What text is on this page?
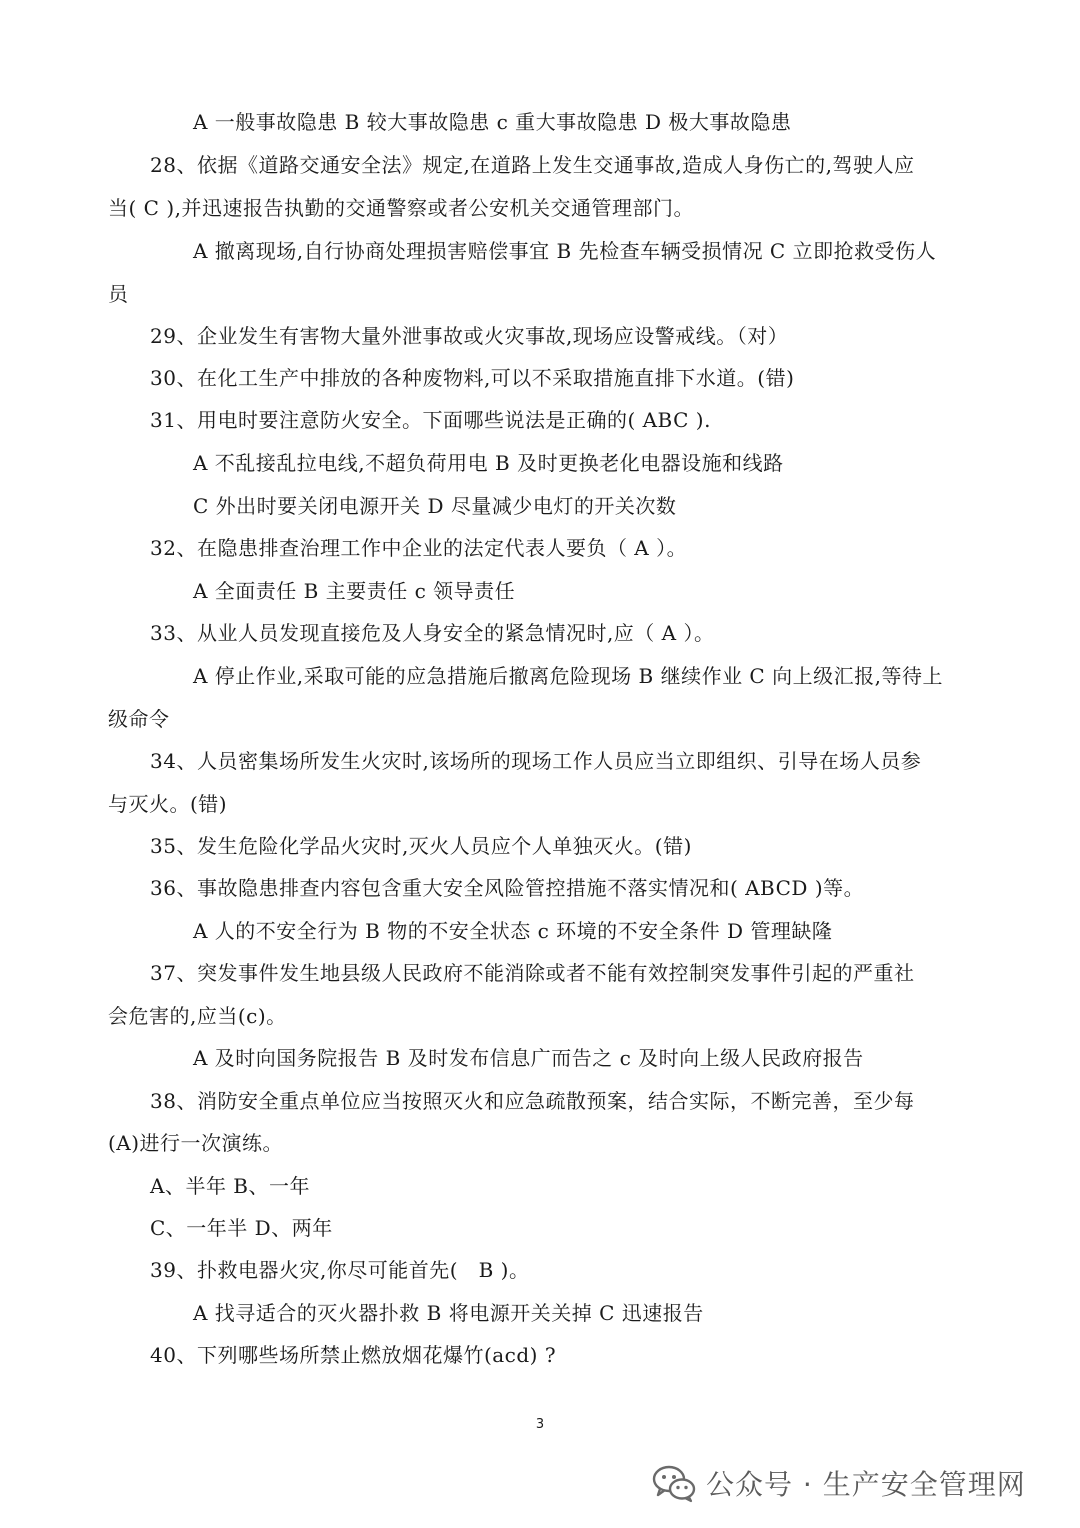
A 一般事故隐患 B 较大事故隐患 c 重大事故隐患 D 极大事故隐患
28、依据《道路交通安全法》规定,在道路上发生交通事故,造成人身伤亡的,驾驶人应
当( C ),并迅速报告执勤的交通警察或者公安机关交通管理部门。
A 撤离现场,自行协商处理损害赔偿事宜 B 先检查车辆受损情况 C 立即抢救受伤人
员
29、企业发生有害物大量外泄事故或火灾事故,现场应设警戒线。（对）
30、在化工生产中排放的各种废物料,可以不采取措施直排下水道。(错)
31、用电时要注意防火安全。下面哪些说法是正确的( ABC ).
A 不乱接乱拉电线,不超负荷用电 B 及时更换老化电器设施和线路
C 外出时要关闭电源开关 D 尽量减少电灯的开关次数
32、在隐患排查治理工作中企业的法定代表人要负（ A ）。
A 全面责任 B 主要责任 c 领导责任
33、从业人员发现直接危及人身安全的紧急情况时,应（ A ）。
A 停止作业,采取可能的应急措施后撤离危险现场 B 继续作业 C 向上级汇报,等待上
级命令
34、人员密集场所发生火灾时,该场所的现场工作人员应当立即组织、引导在场人员参
与灭火。(错)
35、发生危险化学品火灾时,灭火人员应个人单独灭火。(错)
36、事故隐患排查内容包含重大安全风险管控措施不落实情况和( ABCD )等。
A 人的不安全行为 B 物的不安全状态 c 环境的不安全条件 D 管理缺隆
37、突发事件发生地县级人民政府不能消除或者不能有效控制突发事件引起的严重社
会危害的,应当(c)。
A 及时向国务院报告 B 及时发布信息广而告之 c 及时向上级人民政府报告
38、消防安全重点单位应当按照灭火和应急疏散预案，结合实际，不断完善，至少每
(A)进行一次演练。
A、半年 B、一年
C、一年半 D、两年
39、扑救电器火灾,你尽可能首先(　B )。
A 找寻适合的灭火器扑救 B 将电源开关关掉 C 迅速报告
40、下列哪些场所禁止燃放烟花爆竹(acd) ?
3
公众号 · 生产安全管理网
